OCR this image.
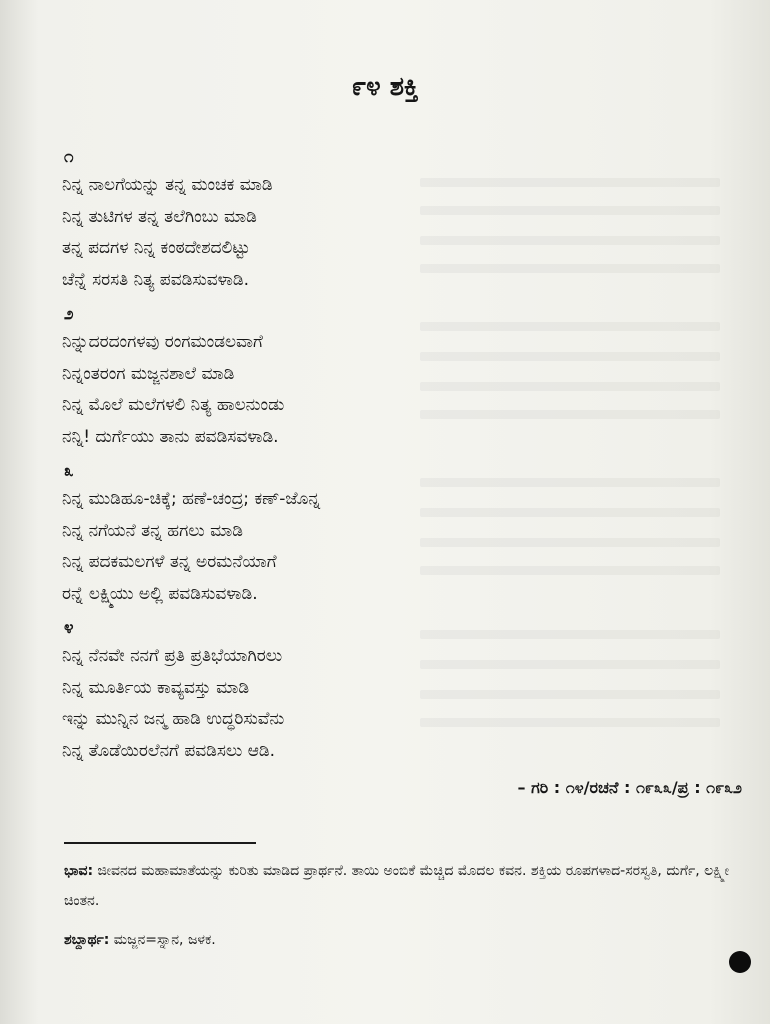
೯೪ ಶಕ್ತಿ
೧
ನಿನ್ನ ನಾಲಗೆಯನ್ನು ತನ್ನ ಮಂಚಕ ಮಾಡಿ
ನಿನ್ನ ತುಟಿಗಳ ತನ್ನ ತಲೆಗಿಂಬು ಮಾಡಿ
ತನ್ನ ಪದಗಳ ನಿನ್ನ ಕಂಠದೇಶದಲಿಟ್ಟು
ಚೆನ್ನೆ ಸರಸತಿ ನಿತ್ಯ ಪವಡಿಸುವಳಾಡಿ.
೨
ನಿನ್ನುದರದಂಗಳವು ರಂಗಮಂಡಲವಾಗೆ
ನಿನ್ನಂತರಂಗ ಮಜ್ಜನಶಾಲೆ ಮಾಡಿ
ನಿನ್ನ ಮೊಲೆ ಮಲೆಗಳಲಿ ನಿತ್ಯ ಹಾಲನುಂಡು
ನನ್ನಿ! ದುರ್ಗೆಯು ತಾನು ಪವಡಿಸವಳಾಡಿ.
೩
ನಿನ್ನ ಮುಡಿಹೂ-ಚಿಕ್ಕೆ; ಹಣೆ-ಚಂದ್ರ; ಕಣ್-ಜೊನ್ನ
ನಿನ್ನ ನಗೆಯನೆ ತನ್ನ ಹಗಲು ಮಾಡಿ
ನಿನ್ನ ಪದಕಮಲಗಳೆ ತನ್ನ ಅರಮನೆಯಾಗೆ
ರನ್ನೆ ಲಕ್ಷ್ಮಿಯು ಅಲ್ಲಿ ಪವಡಿಸುವಳಾಡಿ.
೪
ನಿನ್ನ ನೆನವೇ ನನಗೆ ಪ್ರತಿ ಪ್ರತಿಭೆಯಾಗಿರಲು
ನಿನ್ನ ಮೂರ್ತಿಯ ಕಾವ್ಯವಸ್ತು ಮಾಡಿ
ಇನ್ನು ಮುನ್ನಿನ ಜನ್ಮ ಹಾಡಿ ಉದ್ಧರಿಸುವೆನು
ನಿನ್ನ ತೊಡೆಯಿರಲೆನಗೆ ಪವಡಿಸಲು ಆಡಿ.
– ಗರಿ : ೧೪/ರಚನೆ : ೧೯೩೩/ಪ್ರ : ೧೯೩೨
ಭಾವ: ಜೀವನದ ಮಹಾಮಾತೆಯನ್ನು ಕುರಿತು ಮಾಡಿದ ಪ್ರಾರ್ಥನೆ. ತಾಯಿ ಅಂಬಿಕೆ ಮೆಚ್ಚಿದ ಮೊದಲ ಕವನ. ಶಕ್ತಿಯ ರೂಪಗಳಾದ-ಸರಸ್ವತಿ, ದುರ್ಗೆ, ಲಕ್ಷ್ಮೀ ಚಿಂತನ.
ಶಬ್ದಾರ್ಥ: ಮಜ್ಜನ=ಸ್ನಾನ, ಜಳಕ.
